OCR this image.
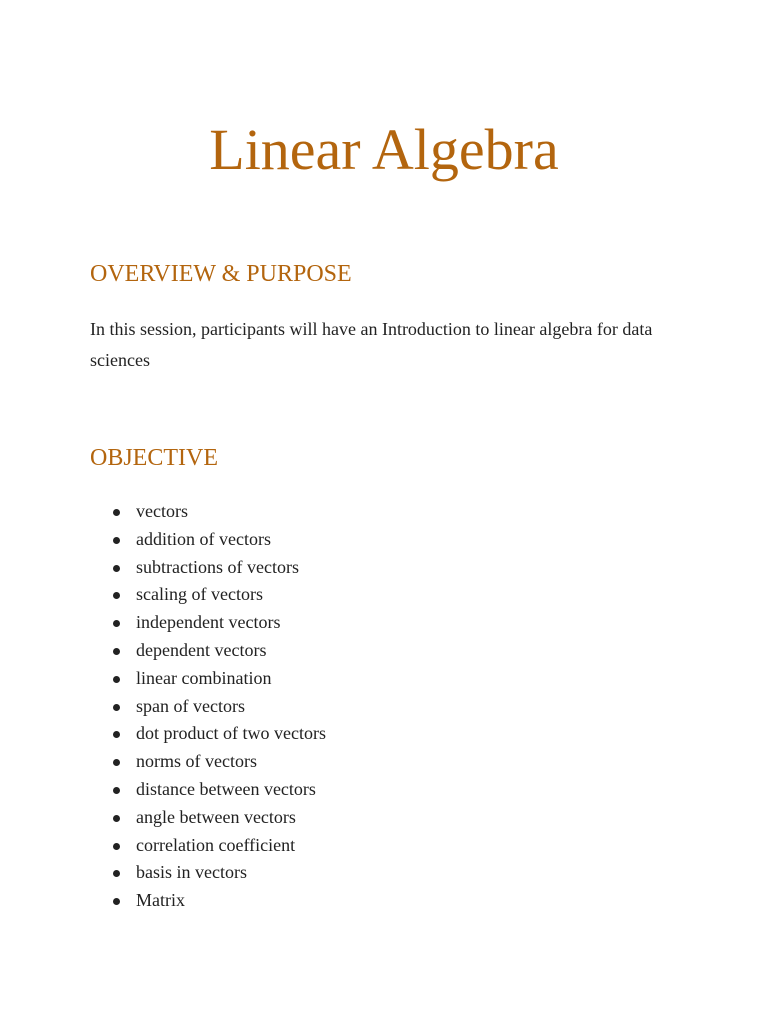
Linear Algebra
OVERVIEW & PURPOSE

In this session, participants will have an Introduction to linear algebra for data sciences

OBJECTIVE
vectors
addition of vectors
subtractions of vectors
scaling of vectors
independent vectors
dependent vectors
linear combination
span of vectors
dot product of two vectors
norms of vectors
distance between vectors
angle between vectors
correlation coefficient
basis in vectors
Matrix
